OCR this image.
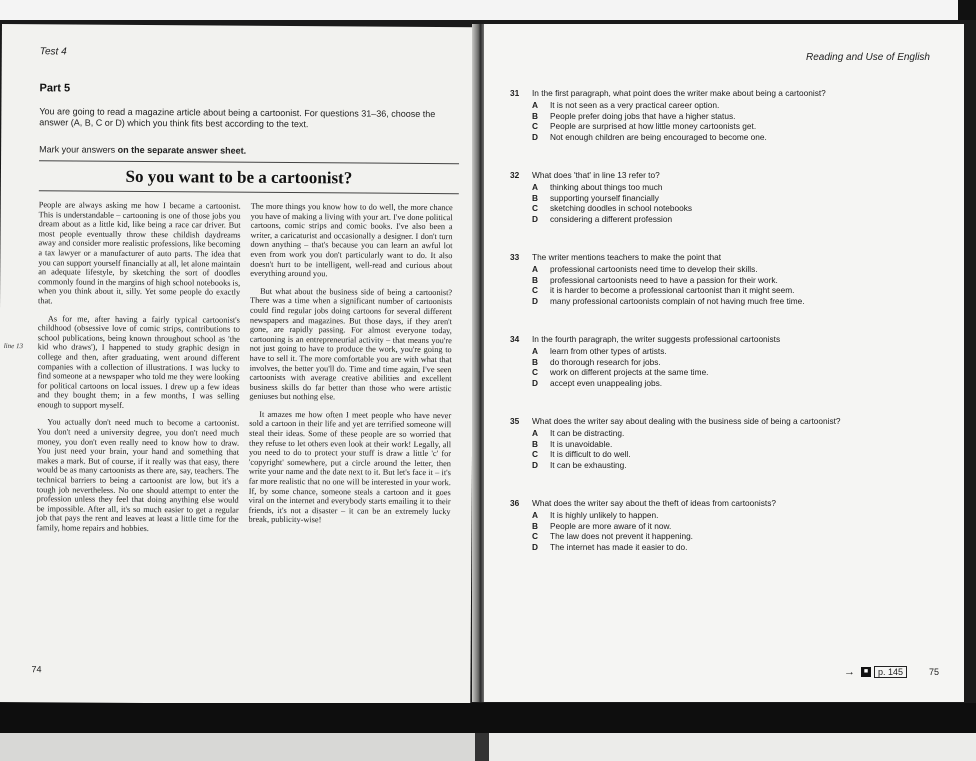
Test 4
Part 5
You are going to read a magazine article about being a cartoonist. For questions 31–36, choose the answer (A, B, C or D) which you think fits best according to the text.
Mark your answers on the separate answer sheet.
So you want to be a cartoonist?
line 13

People are always asking me how I became a cartoonist. This is understandable – cartooning is one of those jobs you dream about as a little kid, like being a race car driver. But most people eventually throw these childish daydreams away and consider more realistic professions, like becoming a tax lawyer or a manufacturer of auto parts. The idea that you can support yourself financially at all, let alone maintain an adequate lifestyle, by sketching the sort of doodles commonly found in the margins of high school notebooks is, when you think about it, silly. Yet some people do exactly that.

As for me, after having a fairly typical cartoonist's childhood (obsessive love of comic strips, contributions to school publications, being known throughout school as 'the kid who draws'), I happened to study graphic design in college and then, after graduating, went around different companies with a collection of illustrations. I was lucky to find someone at a newspaper who told me they were looking for political cartoons on local issues. I drew up a few ideas and they bought them; in a few months, I was selling enough to support myself.

You actually don't need much to become a cartoonist. You don't need a university degree, you don't need much money, you don't even really need to know how to draw. You just need your brain, your hand and something that makes a mark. But of course, if it really was that easy, there would be as many cartoonists as there are, say, teachers. The technical barriers to being a cartoonist are low, but it's a tough job nevertheless. No one should attempt to enter the profession unless they feel that doing anything else would be impossible. After all, it's so much easier to get a regular job that pays the rent and leaves at least a little time for the family, home repairs and hobbies.

The more things you know how to do well, the more chance you have of making a living with your art. I've done political cartoons, comic strips and comic books. I've also been a writer, a caricaturist and occasionally a designer. I don't turn down anything – that's because you can learn an awful lot even from work you don't particularly want to do. It also doesn't hurt to be intelligent, well-read and curious about everything around you.

But what about the business side of being a cartoonist? There was a time when a significant number of cartoonists could find regular jobs doing cartoons for several different newspapers and magazines. But those days, if they aren't gone, are rapidly passing. For almost everyone today, cartooning is an entrepreneurial activity – that means you're not just going to have to produce the work, you're going to have to sell it. The more comfortable you are with what that involves, the better you'll do. Time and time again, I've seen cartoonists with average creative abilities and excellent business skills do far better than those who were artistic geniuses but nothing else.

It amazes me how often I meet people who have never sold a cartoon in their life and yet are terrified someone will steal their ideas. Some of these people are so worried that they refuse to let others even look at their work! Legally, all you need to do to protect your stuff is draw a little 'c' for 'copyright' somewhere, put a circle around the letter, then write your name and the date next to it. But let's face it – it's far more realistic that no one will be interested in your work. If, by some chance, someone steals a cartoon and it goes viral on the internet and everybody starts emailing it to their friends, it's not a disaster – it can be an extremely lucky break, publicity-wise!

74
Reading and Use of English
31	In the first paragraph, what point does the writer make about being a cartoonist?
A	It is not seen as a very practical career option.
B	People prefer doing jobs that have a higher status.
C	People are surprised at how little money cartoonists get.
D	Not enough children are being encouraged to become one.
32	What does 'that' in line 13 refer to?
A	thinking about things too much
B	supporting yourself financially
C	sketching doodles in school notebooks
D	considering a different profession
33	The writer mentions teachers to make the point that
A	professional cartoonists need time to develop their skills.
B	professional cartoonists need to have a passion for their work.
C	it is harder to become a professional cartoonist than it might seem.
D	many professional cartoonists complain of not having much free time.
34	In the fourth paragraph, the writer suggests professional cartoonists
A	learn from other types of artists.
B	do thorough research for jobs.
C	work on different projects at the same time.
D	accept even unappealing jobs.
35	What does the writer say about dealing with the business side of being a cartoonist?
A	It can be distracting.
B	It is unavoidable.
C	It is difficult to do well.
D	It can be exhausting.
36	What does the writer say about the theft of ideas from cartoonists?
A	It is highly unlikely to happen.
B	People are more aware of it now.
C	The law does not prevent it happening.
D	The internet has made it easier to do.
→	■	p. 145	75
